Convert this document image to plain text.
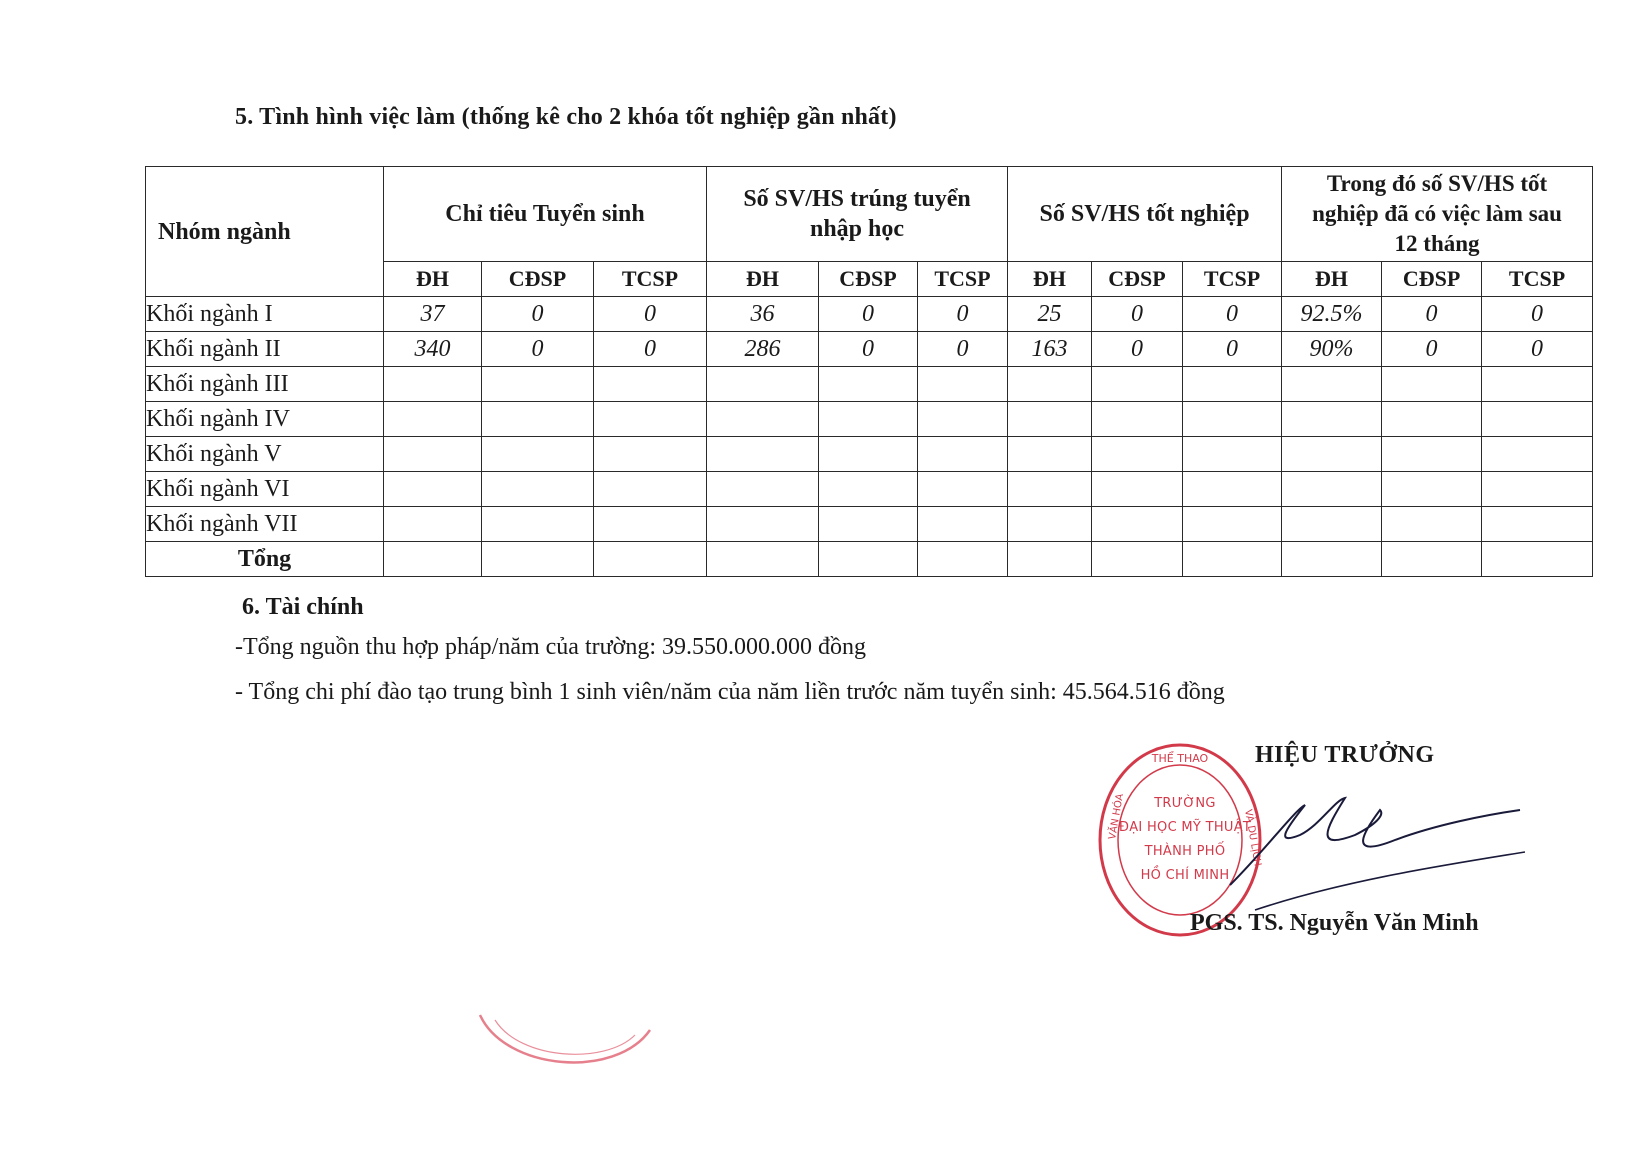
5. Tình hình việc làm (thống kê cho 2 khóa tốt nghiệp gần nhất)
Nhóm ngành	Chỉ tiêu Tuyển sinh			Số SV/HS trúng tuyển nhập học			Số SV/HS tốt nghiệp			Trong đó số SV/HS tốt nghiệp đã có việc làm sau 12 tháng		
	ĐH	CĐSP	TCSP	ĐH	CĐSP	TCSP	ĐH	CĐSP	TCSP	ĐH	CĐSP	TCSP
Khối ngành I	37	0	0	36	0	0	25	0	0	92.5%	0	0
Khối ngành II	340	0	0	286	0	0	163	0	0	90%	0	0
Khối ngành III												
Khối ngành IV												
Khối ngành V												
Khối ngành VI												
Khối ngành VII												
Tổng												
6. Tài chính
-Tổng nguồn thu hợp pháp/năm của trường: 39.550.000.000 đồng
- Tổng chi phí đào tạo trung bình 1 sinh viên/năm của năm liền trước năm tuyển sinh: 45.564.516 đồng
THỂ THAO
VĂN HÓA	VÀ DU LỊCH
TRƯỜNG
ĐẠI HỌC MỸ THUẬT
THÀNH PHỐ
HỒ CHÍ MINH
HIỆU TRƯỞNG
PGS. TS. Nguyễn Văn Minh
